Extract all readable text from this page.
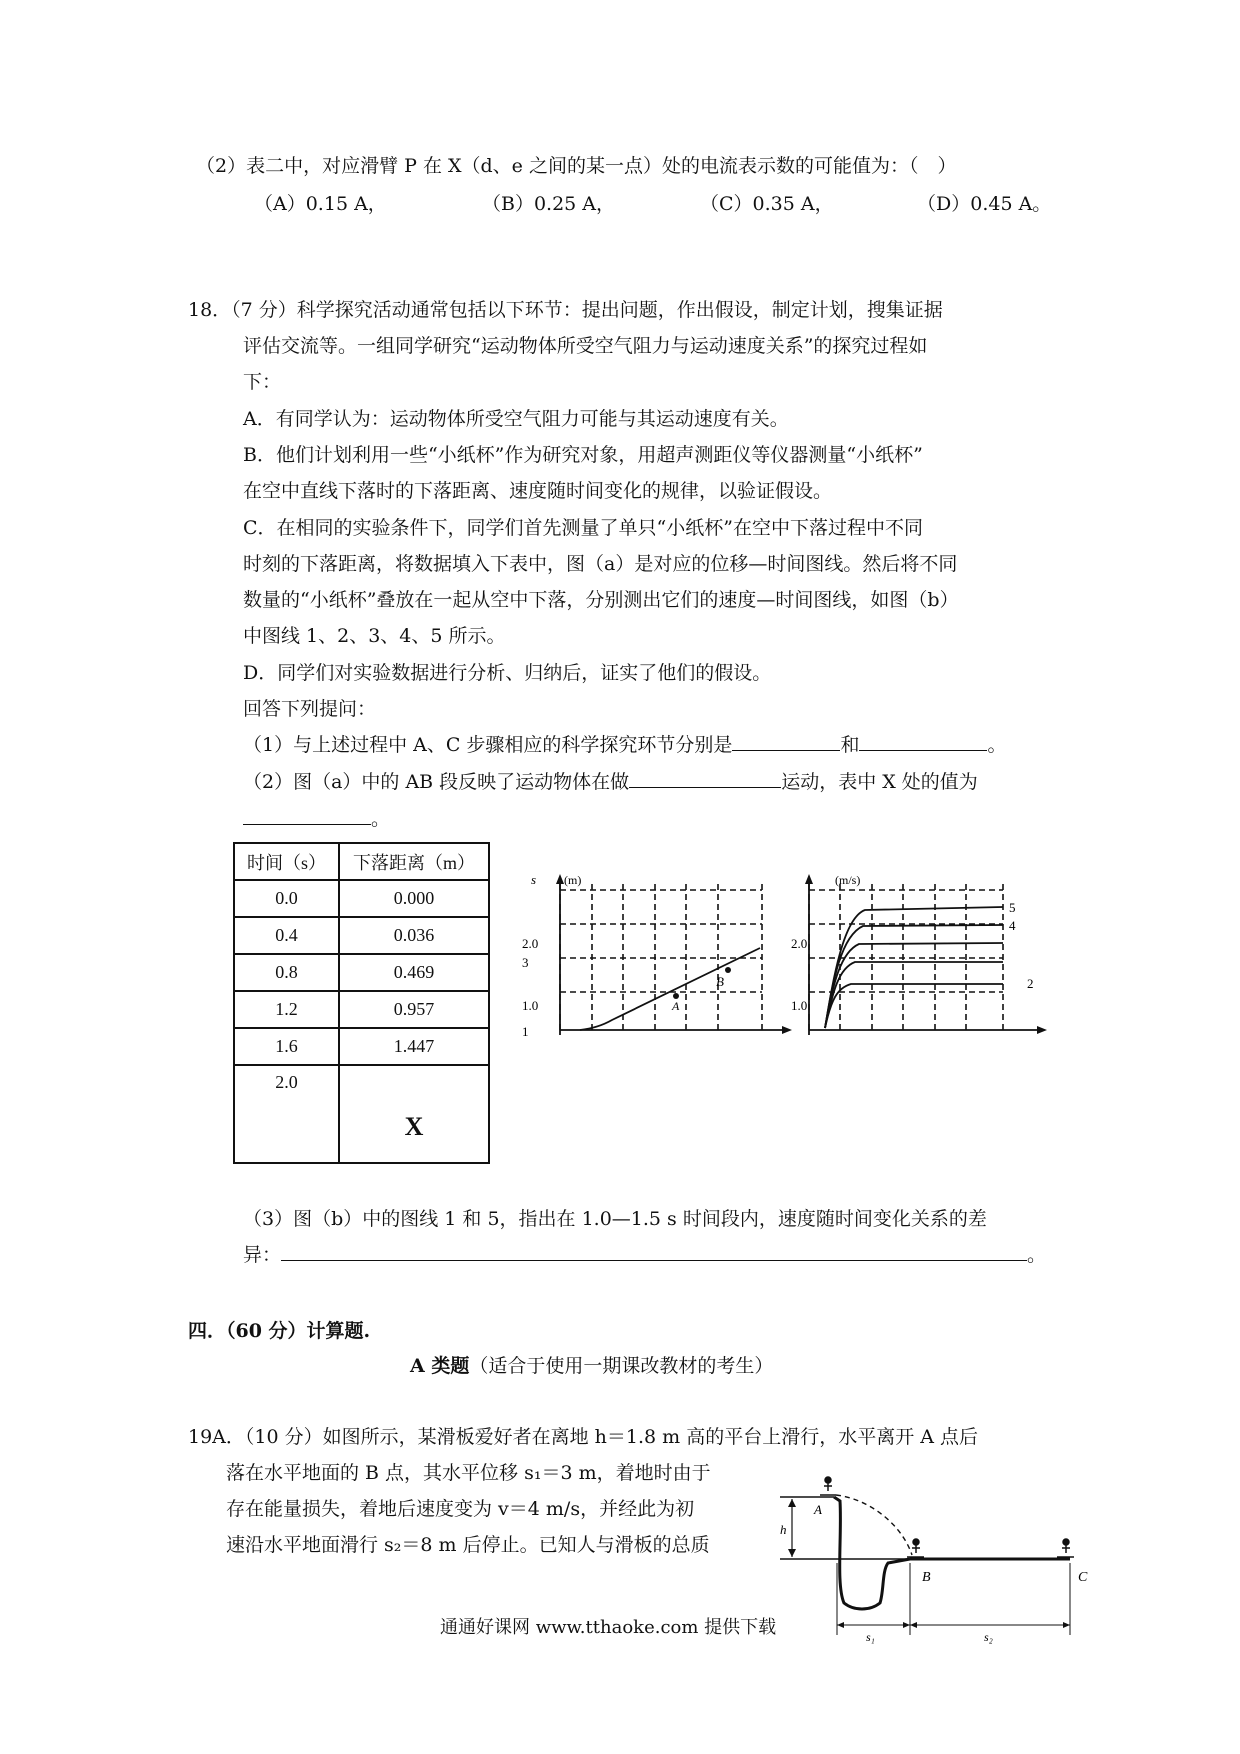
（2）表二中，对应滑臂 P 在 X（d、e 之间的某一点）处的电流表示数的可能值为：（　）
（A）0.15 A，	（B）0.25 A，	（C）0.35 A，	（D）0.45 A。
18．（7 分）科学探究活动通常包括以下环节：提出问题，作出假设，制定计划，搜集证据
评估交流等。一组同学研究“运动物体所受空气阻力与运动速度关系”的探究过程如
下：
A．有同学认为：运动物体所受空气阻力可能与其运动速度有关。
B．他们计划利用一些“小纸杯”作为研究对象，用超声测距仪等仪器测量“小纸杯”
在空中直线下落时的下落距离、速度随时间变化的规律，以验证假设。
C．在相同的实验条件下，同学们首先测量了单只“小纸杯”在空中下落过程中不同
时刻的下落距离，将数据填入下表中，图（a）是对应的位移—时间图线。然后将不同
数量的“小纸杯”叠放在一起从空中下落，分别测出它们的速度—时间图线，如图（b）
中图线 1、2、3、4、5 所示。
D．同学们对实验数据进行分析、归纳后，证实了他们的假设。
回答下列提问：
（1）与上述过程中 A、C 步骤相应的科学探究环节分别是	和	。
（2）图（a）中的 AB 段反映了运动物体在做	运动，表中 X 处的值为
。
时间（s）	下落距离（m）
0.0	0.000
0.4	0.036
0.8	0.469
1.2	0.957
1.6	1.447
2.0	X
s (m)
2.0
3
1.0
1
A
B
(m/s)
2.0
1.0
5
4
2
（3）图（b）中的图线 1 和 5，指出在 1.0—1.5 s 时间段内，速度随时间变化关系的差
异：	。
四．（60 分）计算题.
A 类题（适合于使用一期课改教材的考生）
19A．（10 分）如图所示，某滑板爱好者在离地 h＝1.8 m 高的平台上滑行，水平离开 A 点后
落在水平地面的 B 点，其水平位移 s₁＝3 m，着地时由于
存在能量损失，着地后速度变为 v＝4 m/s，并经此为初
速沿水平地面滑行 s₂＝8 m 后停止。已知人与滑板的总质
A
h
B	C
s₁	s₂
通通好课网 www.tthaoke.com 提供下载
